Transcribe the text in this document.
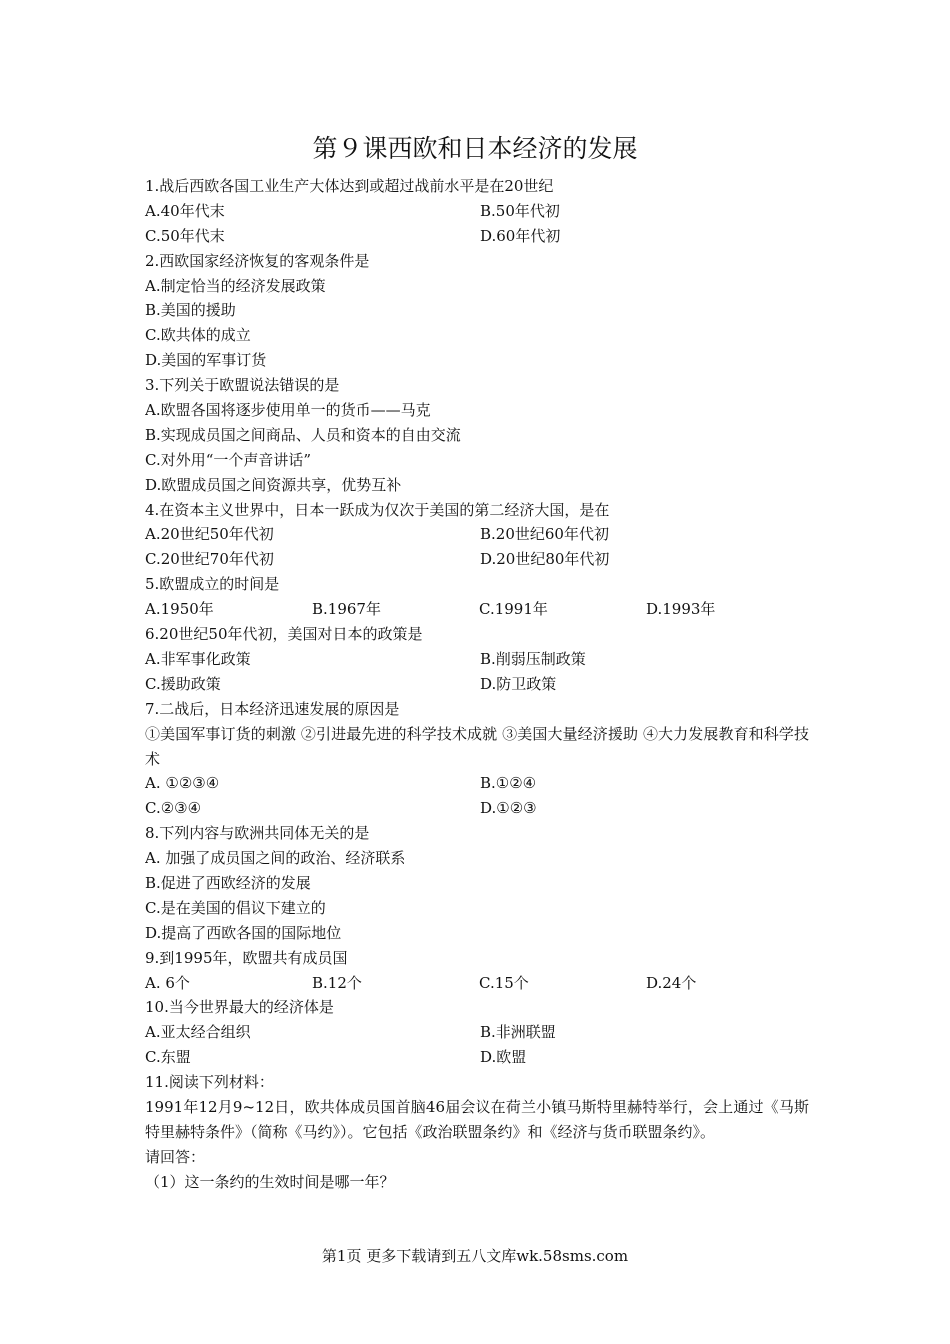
第９课西欧和日本经济的发展
1.战后西欧各国工业生产大体达到或超过战前水平是在20世纪
A.40年代末	B.50年代初
C.50年代末	D.60年代初
2.西欧国家经济恢复的客观条件是
A.制定恰当的经济发展政策
B.美国的援助
C.欧共体的成立
D.美国的军事订货
3.下列关于欧盟说法错误的是
A.欧盟各国将逐步使用单一的货币——马克
B.实现成员国之间商品、人员和资本的自由交流
C.对外用“一个声音讲话”
D.欧盟成员国之间资源共享，优势互补
4.在资本主义世界中，日本一跃成为仅次于美国的第二经济大国，是在
A.20世纪50年代初	B.20世纪60年代初
C.20世纪70年代初	D.20世纪80年代初
5.欧盟成立的时间是
A.1950年	B.1967年	C.1991年	D.1993年
6.20世纪50年代初，美国对日本的政策是
A.非军事化政策	B.削弱压制政策
C.援助政策	D.防卫政策
7.二战后，日本经济迅速发展的原因是
①美国军事订货的刺激 ②引进最先进的科学技术成就 ③美国大量经济援助 ④大力发展教育和科学技术
A. ①②③④	B.①②④
C.②③④	D.①②③
8.下列内容与欧洲共同体无关的是
A. 加强了成员国之间的政治、经济联系
B.促进了西欧经济的发展
C.是在美国的倡议下建立的
D.提高了西欧各国的国际地位
9.到1995年，欧盟共有成员国
A. 6个	B.12个	C.15个	D.24个
10.当今世界最大的经济体是
A.亚太经合组织	B.非洲联盟
C.东盟	D.欧盟
11.阅读下列材料：
1991年12月9~12日，欧共体成员国首脑46届会议在荷兰小镇马斯特里赫特举行，会上通过《马斯特里赫特条件》（简称《马约》）。它包括《政治联盟条约》和《经济与货币联盟条约》。
请回答：
（1）这一条约的生效时间是哪一年？
第1页 更多下载请到五八文库wk.58sms.com
